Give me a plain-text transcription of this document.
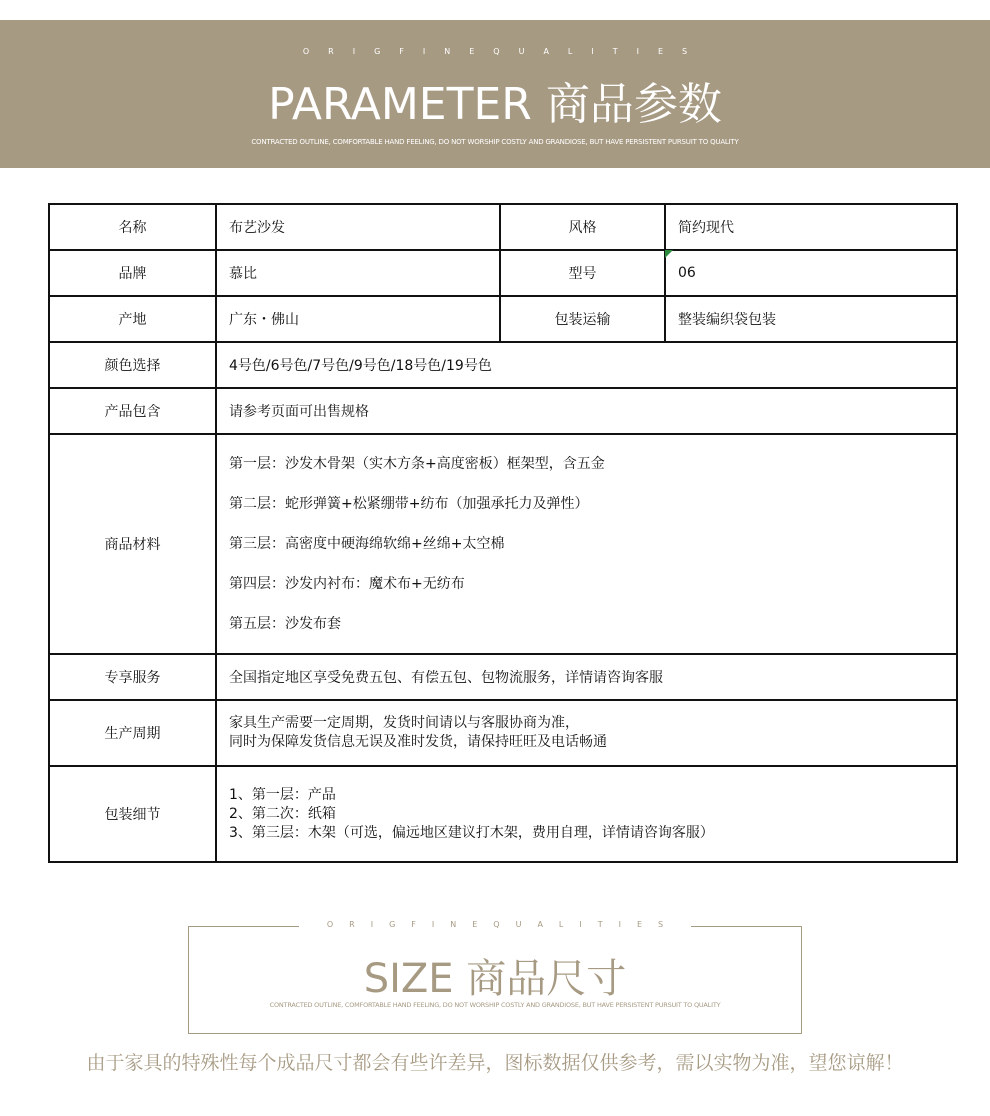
ORIGFINEQUALITIES
PARAMETER 商品参数
CONTRACTED OUTLINE, COMFORTABLE HAND FEELING, DO NOT WORSHIP COSTLY AND GRANDIOSE, BUT HAVE PERSISTENT PURSUIT TO QUALITY
名称	布艺沙发	风格	简约现代
品牌	慕比	型号	06
产地	广东・佛山	包装运输	整装编织袋包装
颜色选择	4号色/6号色/7号色/9号色/18号色/19号色		
产品包含	请参考页面可出售规格		
商品材料	第一层：沙发木骨架（实木方条+高度密板）框架型，含五金
第二层：蛇形弹簧+松紧绷带+纺布（加强承托力及弹性）
第三层：高密度中硬海绵软绵+丝绵+太空棉
第四层：沙发内衬布：魔术布+无纺布
第五层：沙发布套		

专享服务	全国指定地区享受免费五包、有偿五包、包物流服务，详情请咨询客服		
生产周期	家具生产需要一定周期，发货时间请以与客服协商为准，
同时为保障发货信息无误及准时发货，请保持旺旺及电话畅通		

包装细节	1、第一层：产品
2、第二次：纸箱
3、第三层：木架（可选，偏远地区建议打木架，费用自理，详情请咨询客服）		
ORIGFINEQUALITIES
SIZE 商品尺寸
CONTRACTED OUTLINE, COMFORTABLE HAND FEELING, DO NOT WORSHIP COSTLY AND GRANDIOSE, BUT HAVE PERSISTENT PURSUIT TO QUALITY
由于家具的特殊性每个成品尺寸都会有些许差异，图标数据仅供参考，需以实物为准，望您谅解！
